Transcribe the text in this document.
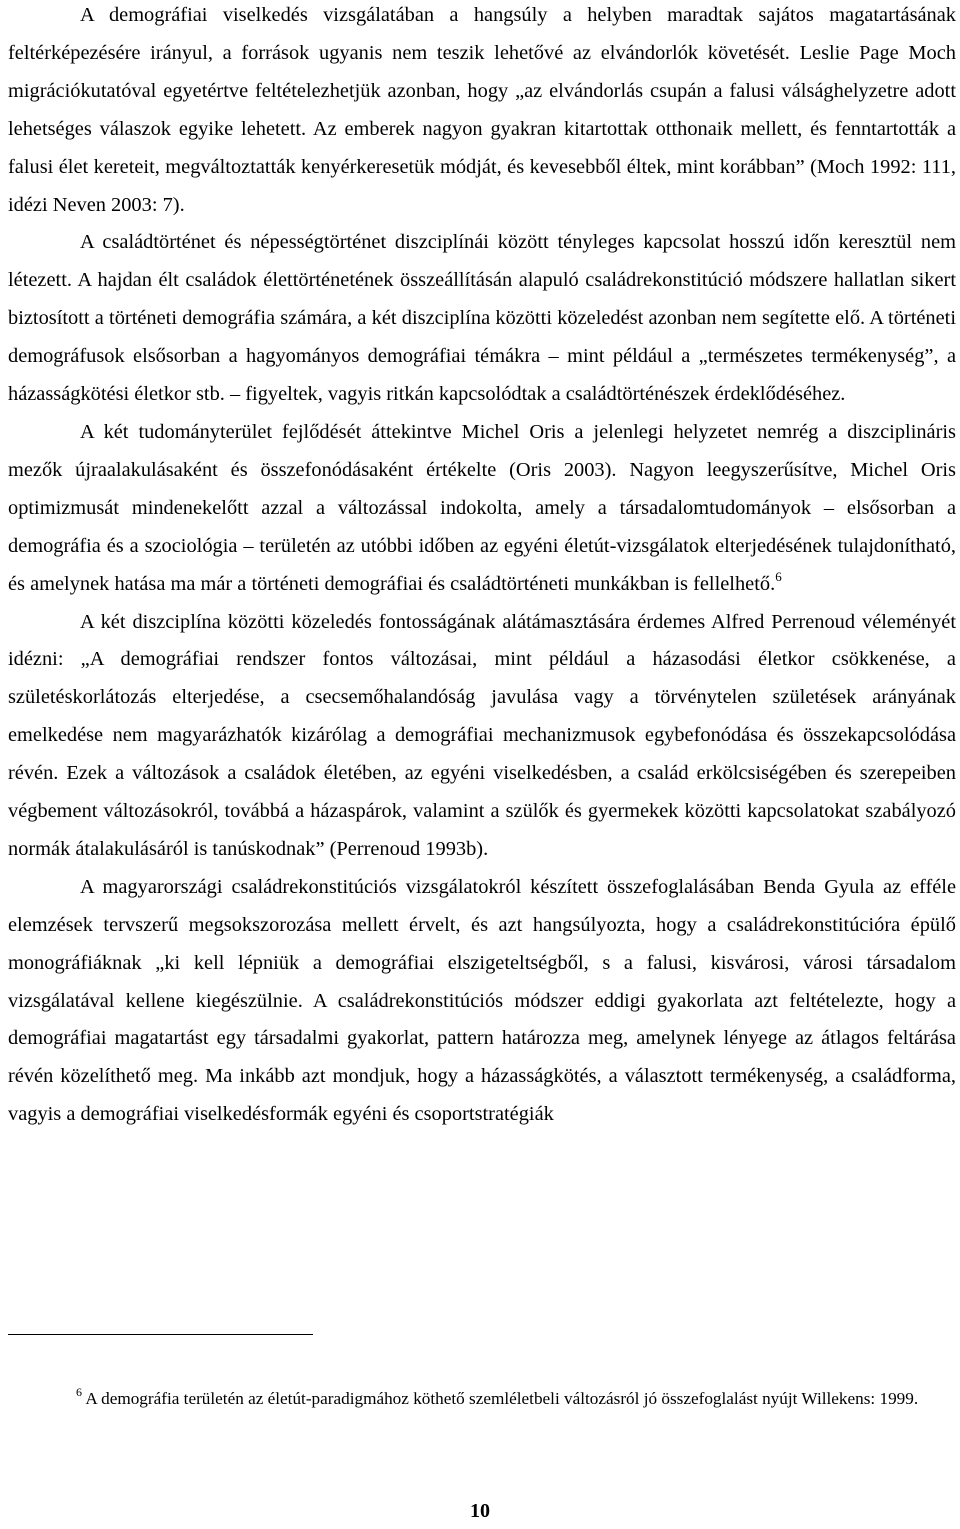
A demográfiai viselkedés vizsgálatában a hangsúly a helyben maradtak sajátos magatartásának feltérképezésére irányul, a források ugyanis nem teszik lehetővé az elvándorlók követését. Leslie Page Moch migrációkutatóval egyetértve feltételezhetjük azonban, hogy „az elvándorlás csupán a falusi válsághelyzetre adott lehetséges válaszok egyike lehetett. Az emberek nagyon gyakran kitartottak otthonaik mellett, és fenntartották a falusi élet kereteit, megváltoztatták kenyérkeresetük módját, és kevesebből éltek, mint korábban” (Moch 1992: 111, idézi Neven 2003: 7).

A családtörténet és népességtörténet diszciplínái között tényleges kapcsolat hosszú időn keresztül nem létezett. A hajdan élt családok élettörténetének összeállításán alapuló családrekonstitúció módszere hallatlan sikert biztosított a történeti demográfia számára, a két diszciplína közötti közeledést azonban nem segítette elő. A történeti demográfusok elsősorban a hagyományos demográfiai témákra – mint például a „természetes termékenység”, a házasságkötési életkor stb. – figyeltek, vagyis ritkán kapcsolódtak a családtörténészek érdeklődéséhez.

A két tudományterület fejlődését áttekintve Michel Oris a jelenlegi helyzetet nemrég a diszciplináris mezők újraalakulásaként és összefonódásaként értékelte (Oris 2003). Nagyon leegyszerűsítve, Michel Oris optimizmusát mindenekelőtt azzal a változással indokolta, amely a társadalomtudományok – elsősorban a demográfia és a szociológia – területén az utóbbi időben az egyéni életút-vizsgálatok elterjedésének tulajdonítható, és amelynek hatása ma már a történeti demográfiai és családtörténeti munkákban is fellelhető.$^6$

A két diszciplína közötti közeledés fontosságának alátámasztására érdemes Alfred Perrenoud véleményét idézni: „A demográfiai rendszer fontos változásai, mint például a házasodási életkor csökkenése, a születéskorlátozás elterjedése, a csecsemőhalandóság javulása vagy a törvénytelen születések arányának emelkedése nem magyarázhatók kizárólag a demográfiai mechanizmusok egybefonódása és összekapcsolódása révén. Ezek a változások a családok életében, az egyéni viselkedésben, a család erkölcsiségében és szerepeiben végbement változásokról, továbbá a házaspárok, valamint a szülők és gyermekek közötti kapcsolatokat szabályozó normák átalakulásáról is tanúskodnak” (Perrenoud 1993b).

A magyarországi családrekonstitúciós vizsgálatokról készített összefoglalásában Benda Gyula az efféle elemzések tervszerű megsokszorozása mellett érvelt, és azt hangsúlyozta, hogy a családrekonstitúcióra épülő monográfiáknak „ki kell lépniük a demográfiai elszigeteltségből, s a falusi, kisvárosi, városi társadalom vizsgálatával kellene kiegészülnie. A családrekonstitúciós módszer eddigi gyakorlata azt feltételezte, hogy a demográfiai magatartást egy társadalmi gyakorlat, pattern határozza meg, amelynek lényege az átlagos feltárása révén közelíthető meg. Ma inkább azt mondjuk, hogy a házasságkötés, a választott termékenység, a családforma, vagyis a demográfiai viselkedésformák egyéni és csoportstratégiák

$^6$ A demográfia területén az életút-paradigmához köthető szemléletbeli változásról jó összefoglalást nyújt Willekens: 1999.
10
